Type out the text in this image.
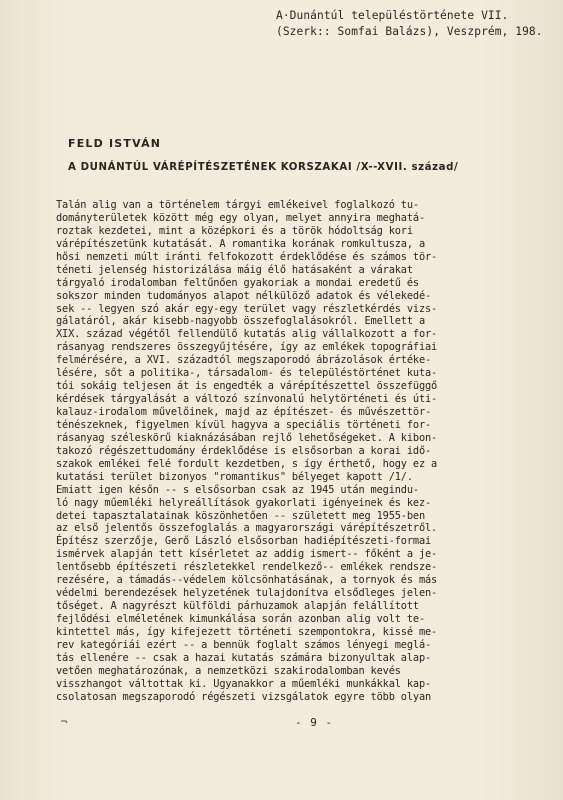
A·Dunántúl településtörténete VII.
(Szerk:: Somfai Balázs), Veszprém, 198.
FELD ISTVÁN
A DUNÁNTÚL VÁRÉPÍTÉSZETÉNEK KORSZAKAI /X--XVII. század/
Talán alig van a történelem tárgyi emlékeivel foglalkozó tu-
dományterületek között még egy olyan, melyet annyira meghatá-
roztak kezdetei, mint a középkori és a török hódoltság kori
várépítészetünk kutatását. A romantika korának romkultusza, a
hősi nemzeti múlt iránti felfokozott érdeklődése és számos tör-
téneti jelenség historizálása máig élő hatásaként a várakat
tárgyaló irodalomban feltűnően gyakoriak a mondai eredetű és
sokszor minden tudományos alapot nélkülöző adatok és vélekedé-
sek -- legyen szó akár egy-egy terület vagy részletkérdés vizs-
gálatáról, akár kisebb-nagyobb összefoglalásokról. Emellett a
XIX. század végétől fellendülő kutatás alig vállalkozott a for-
rásanyag rendszeres összegyűjtésére, így az emlékek topográfiai
felmérésére, a XVI. századtól megszaporodó ábrázolások értéke-
lésére, sőt a politika-, társadalom- és településtörténet kuta-
tói sokáig teljesen át is engedték a várépítészettel összefüggő
kérdések tárgyalását a változó színvonalú helytörténeti és úti-
kalauz-irodalom művelőinek, majd az építészet- és művészettör-
ténészeknek, figyelmen kívül hagyva a speciális történeti for-
rásanyag széleskörű kiaknázásában rejlő lehetőségeket. A kibon-
takozó régészettudomány érdeklődése is elsősorban a korai idő-
szakok emlékei felé fordult kezdetben, s így érthető, hogy ez a
kutatási terület bizonyos "romantikus" bélyeget kapott /1/.
Emiatt igen későn -- s elsősorban csak az 1945 után megindu-
ló nagy műemléki helyreállítások gyakorlati igényeinek és kez-
detei tapasztalatainak köszönhetően -- született meg 1955-ben
az első jelentős összefoglalás a magyarországi várépítészetről.
Építész szerzője, Gerő László elsősorban hadiépítészeti-formai
ismérvek alapján tett kísérletet az addig ismert-- főként a je-
lentősebb építészeti részletekkel rendelkező-- emlékek rendsze-
rezésére, a támadás--védelem kölcsönhatásának, a tornyok és más
védelmi berendezések helyzetének tulajdonítva elsődleges jelen-
tőséget. A nagyrészt külföldi párhuzamok alapján felállított
fejlődési elméletének kimunkálása során azonban alig volt te-
kintettel más, így kifejezett történeti szempontokra, kissé me-
rev kategóriái ezért -- a bennük foglalt számos lényegi meglá-
tás ellenére -- csak a hazai kutatás számára bizonyultak alap-
vetően meghatározónak, a nemzetközi szakirodalomban kevés
visszhangot váltottak ki. Ugyanakkor a műemléki munkákkal kap-
csolatosan megszaporodó régészeti vizsgálatok egyre több olyan
- 9 -
